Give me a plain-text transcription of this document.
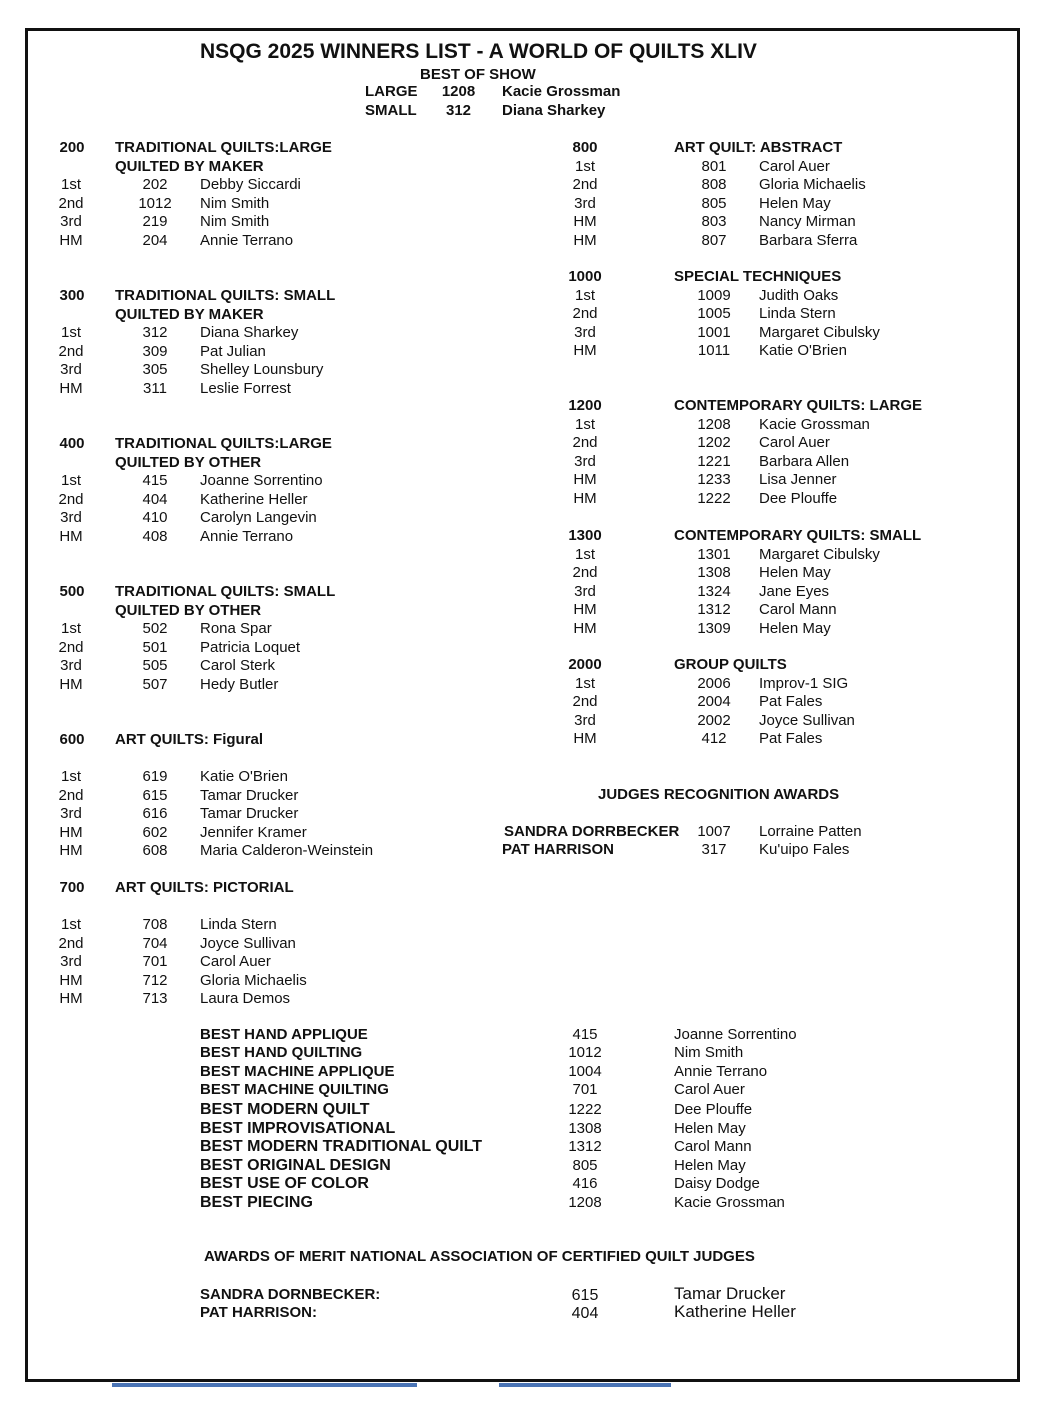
NSQG 2025 WINNERS LIST - A WORLD OF QUILTS XLIV
BEST OF SHOW
LARGE	1208	Kacie Grossman
SMALL	312	Diana Sharkey
200 TRADITIONAL QUILTS:LARGE
QUILTED BY MAKER
1st	202	Debby Siccardi
2nd	1012 Nim Smith
3rd	219	Nim Smith
HM	204	Annie Terrano
300 TRADITIONAL QUILTS: SMALL
QUILTED BY MAKER
1st	312	Diana Sharkey
2nd	309	Pat Julian
3rd	305	Shelley Lounsbury
HM	311	Leslie Forrest
400 TRADITIONAL QUILTS:LARGE
QUILTED BY OTHER
1st	415	Joanne Sorrentino
2nd	404	Katherine Heller
3rd	410	Carolyn Langevin
HM	408	Annie Terrano
500 TRADITIONAL QUILTS: SMALL
QUILTED BY OTHER
1st	502	Rona Spar
2nd	501	Patricia Loquet
3rd	505	Carol Sterk
HM	507	Hedy Butler
600 ART QUILTS: Figural
1st	619	Katie O'Brien
2nd	615	Tamar Drucker
3rd	616	Tamar Drucker
HM	602	Jennifer Kramer
HM	608	Maria Calderon-Weinstein
700 ART QUILTS: PICTORIAL
1st	708	Linda Stern
2nd	704	Joyce Sullivan
3rd	701	Carol Auer
HM	712	Gloria Michaelis
HM	713	Laura Demos
800	ART QUILT: ABSTRACT
1st	801	Carol Auer
2nd	808	Gloria Michaelis
3rd	805	Helen May
HM	803	Nancy Mirman
HM	807	Barbara Sferra
1000	SPECIAL TECHNIQUES
1st	1009	Judith Oaks
2nd	1005	Linda Stern
3rd	1001	Margaret Cibulsky
HM	1011	Katie O'Brien
1200	CONTEMPORARY QUILTS: LARGE
1st	1208	Kacie Grossman
2nd	1202	Carol Auer
3rd	1221	Barbara Allen
HM	1233	Lisa Jenner
HM	1222	Dee Plouffe
1300	CONTEMPORARY QUILTS: SMALL
1st	1301	Margaret Cibulsky
2nd	1308	Helen May
3rd	1324	Jane Eyes
HM	1312	Carol Mann
HM	1309	Helen May
2000	GROUP QUILTS
1st	2006	Improv-1 SIG
2nd	2004	Pat Fales
3rd	2002	Joyce Sullivan
HM	412	Pat Fales
JUDGES RECOGNITION AWARDS
SANDRA DORRBECKER	1007	Lorraine Patten
PAT HARRISON	317	Ku'uipo Fales
BEST HAND APPLIQUE	415	Joanne Sorrentino
BEST HAND QUILTING	1012	Nim Smith
BEST MACHINE APPLIQUE	1004	Annie Terrano
BEST MACHINE QUILTING	701	Carol Auer
BEST MODERN QUILT	1222	Dee Plouffe
BEST IMPROVISATIONAL	1308	Helen May
BEST MODERN TRADITIONAL QUILT	1312	Carol Mann
BEST ORIGINAL DESIGN	805	Helen May
BEST USE OF COLOR	416	Daisy Dodge
BEST PIECING	1208	Kacie Grossman
AWARDS OF MERIT NATIONAL ASSOCIATION OF CERTIFIED QUILT JUDGES
SANDRA DORNBECKER:	615	Tamar Drucker
PAT HARRISON:	404	Katherine Heller
